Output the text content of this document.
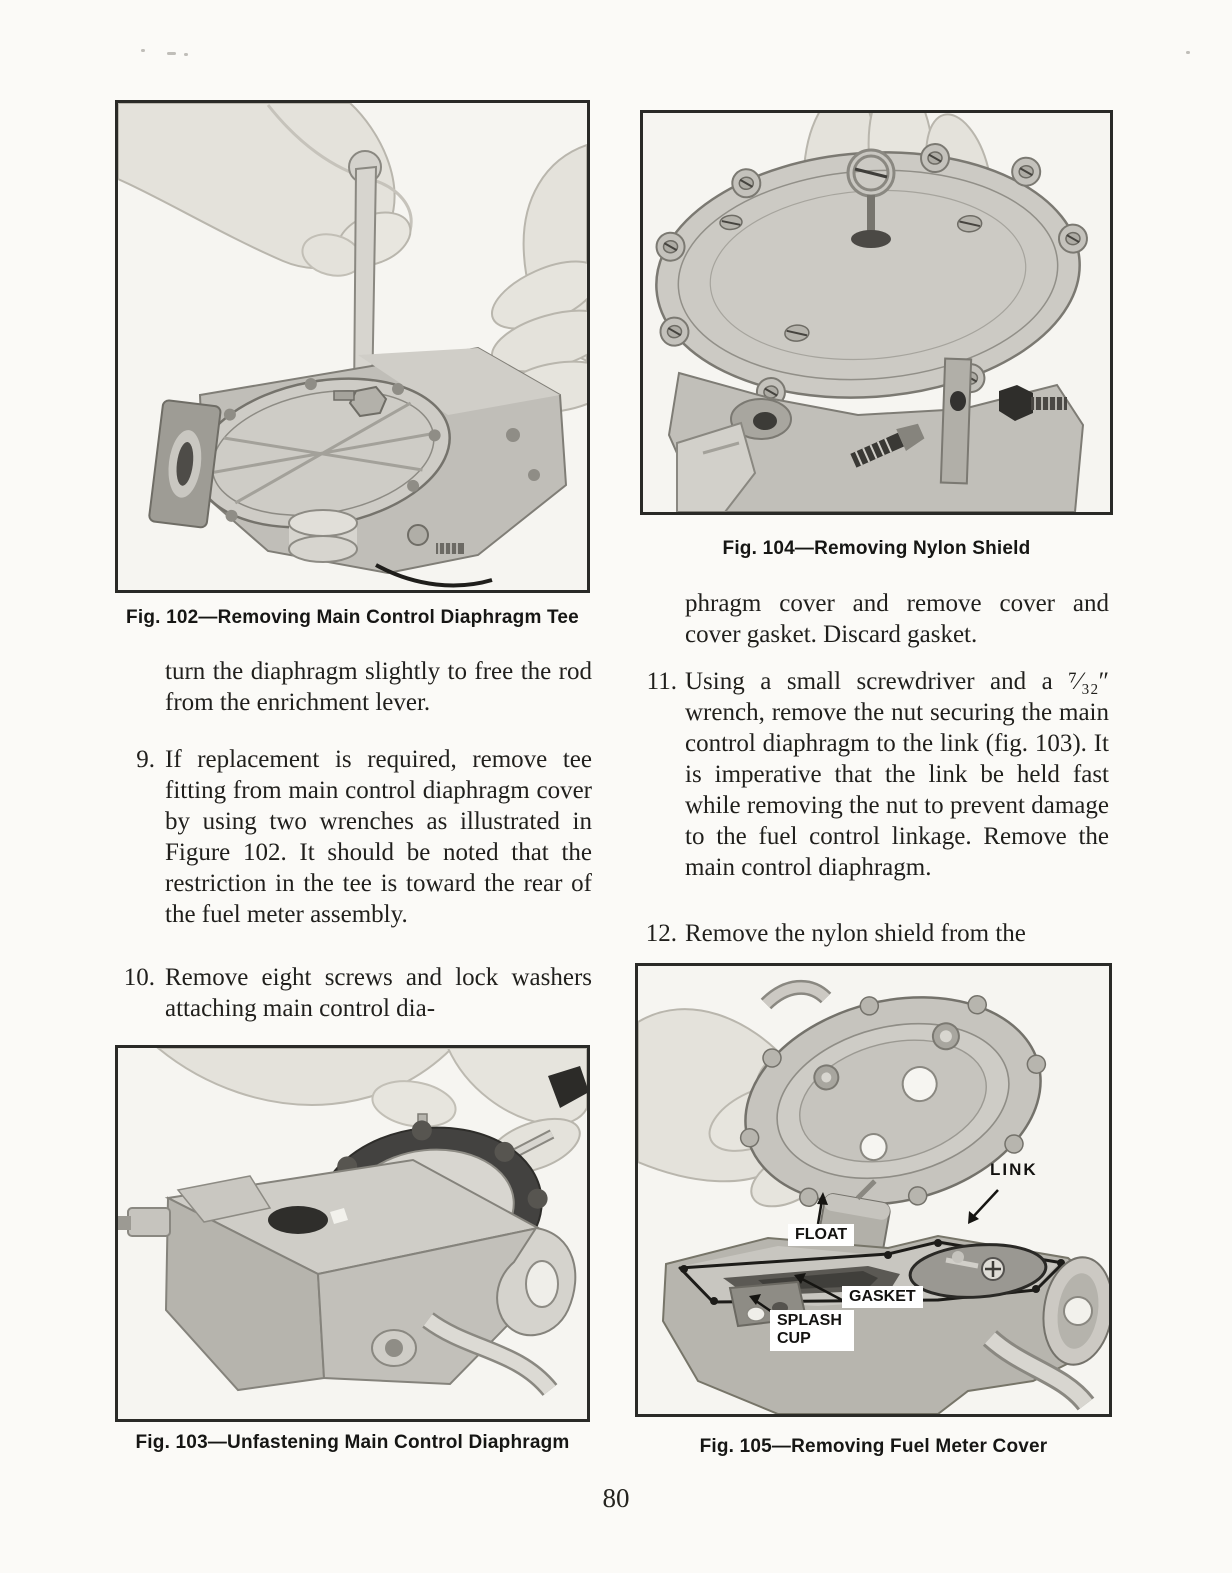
Fig. 102—Removing Main Control Diaphragm Tee
Fig. 104—Removing Nylon Shield
turn the diaphragm slightly to free the rod from the enrichment lever.
9. If replacement is required, remove tee fitting from main control diaphragm cover by using two wrenches as illustrated in Figure 102. It should be noted that the restriction in the tee is toward the rear of the fuel meter assembly.
10. Remove eight screws and lock washers attaching main control dia-
phragm cover and remove cover and cover gasket. Discard gasket.
11. Using a small screwdriver and a ⁷⁄₃₂″ wrench, remove the nut securing the main control diaphragm to the link (fig. 103). It is imperative that the link be held fast while removing the nut to prevent damage to the fuel control linkage. Remove the main control diaphragm.
12. Remove the nylon shield from the
Fig. 103—Unfastening Main Control Diaphragm
LINK
FLOAT
GASKET
SPLASH CUP
Fig. 105—Removing Fuel Meter Cover
80
